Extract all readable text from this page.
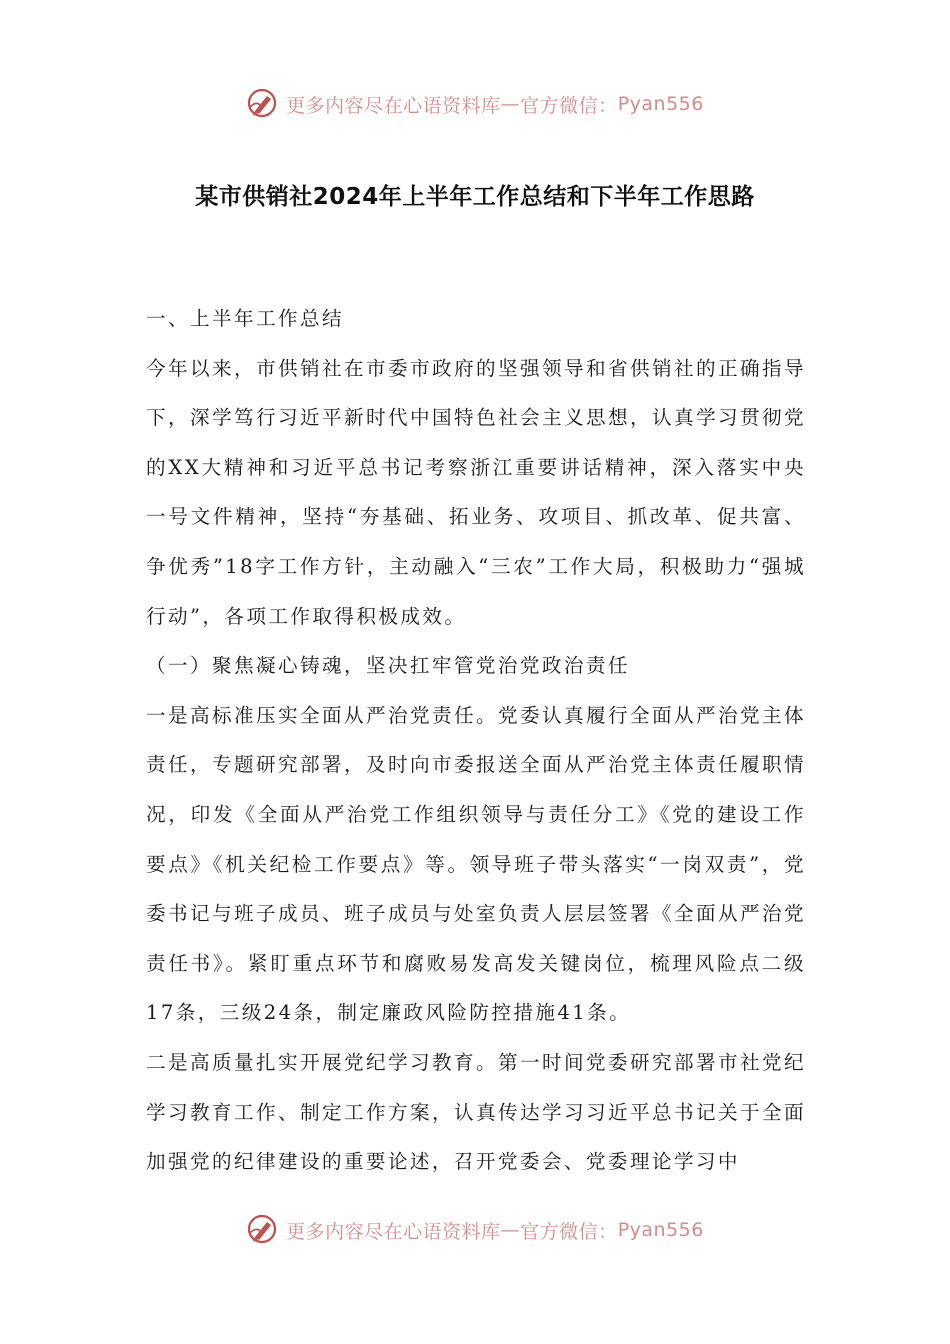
更多内容尽在心语资料库 — 官方微信： Pyan556
某市供销社2024年上半年工作总结和下半年工作思路

一、上半年工作总结

今年以来，市供销社在市委市政府的坚强领导和省供销社的正确指导下，深学笃行习近平新时代中国特色社会主义思想，认真学习贯彻党的XX大精神和习近平总书记考察浙江重要讲话精神，深入落实中央一号文件精神，坚持“夯基础、拓业务、攻项目、抓改革、促共富、争优秀”18字工作方针，主动融入“三农”工作大局，积极助力“强城行动”，各项工作取得积极成效。

（一）聚焦凝心铸魂，坚决扛牢管党治党政治责任

一是高标准压实全面从严治党责任。党委认真履行全面从严治党主体责任，专题研究部署，及时向市委报送全面从严治党主体责任履职情况，印发《全面从严治党工作组织领导与责任分工》《党的建设工作要点》《机关纪检工作要点》等。领导班子带头落实“一岗双责”，党委书记与班子成员、班子成员与处室负责人层层签署《全面从严治党责任书》。紧盯重点环节和腐败易发高发关键岗位，梳理风险点二级17条，三级24条，制定廉政风险防控措施41条。

二是高质量扎实开展党纪学习教育。第一时间党委研究部署市社党纪学习教育工作、制定工作方案，认真传达学习习近平总书记关于全面加强党的纪律建设的重要论述，召开党委会、党委理论学习中

更多内容尽在心语资料库 — 官方微信： Pyan556
